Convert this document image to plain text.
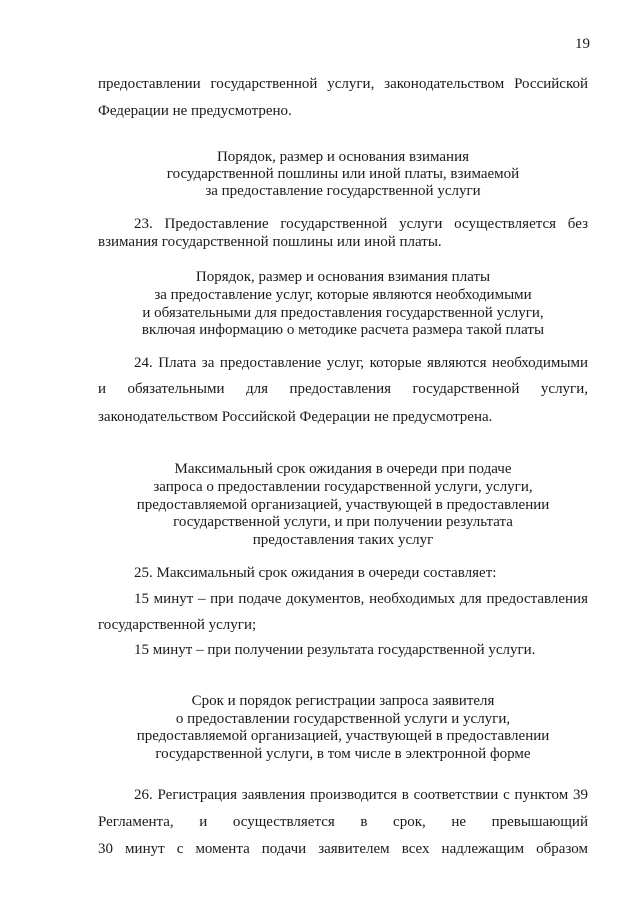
19
предоставлении государственной услуги, законодательством Российской
Федерации не предусмотрено.
Порядок, размер и основания взимания
государственной пошлины или иной платы, взимаемой
за предоставление государственной услуги
23. Предоставление государственной услуги осуществляется без
взимания государственной пошлины или иной платы.
Порядок, размер и основания взимания платы
за предоставление услуг, которые являются необходимыми
и обязательными для предоставления государственной услуги,
включая информацию о методике расчета размера такой платы
24. Плата за предоставление услуг, которые являются необходимыми
и обязательными для предоставления государственной услуги,
законодательством Российской Федерации не предусмотрена.
Максимальный срок ожидания в очереди при подаче
запроса о предоставлении государственной услуги, услуги,
предоставляемой организацией, участвующей в предоставлении
государственной услуги, и при получении результата
предоставления таких услуг
25. Максимальный срок ожидания в очереди составляет:
15 минут – при подаче документов, необходимых для предоставления
государственной услуги;
15 минут – при получении результата государственной услуги.
Срок и порядок регистрации запроса заявителя
о предоставлении государственной услуги и услуги,
предоставляемой организацией, участвующей в предоставлении
государственной услуги, в том числе в электронной форме
26. Регистрация заявления производится в соответствии с пунктом 39
Регламента, и осуществляется в срок, не превышающий
30 минут с момента подачи заявителем всех надлежащим образом
